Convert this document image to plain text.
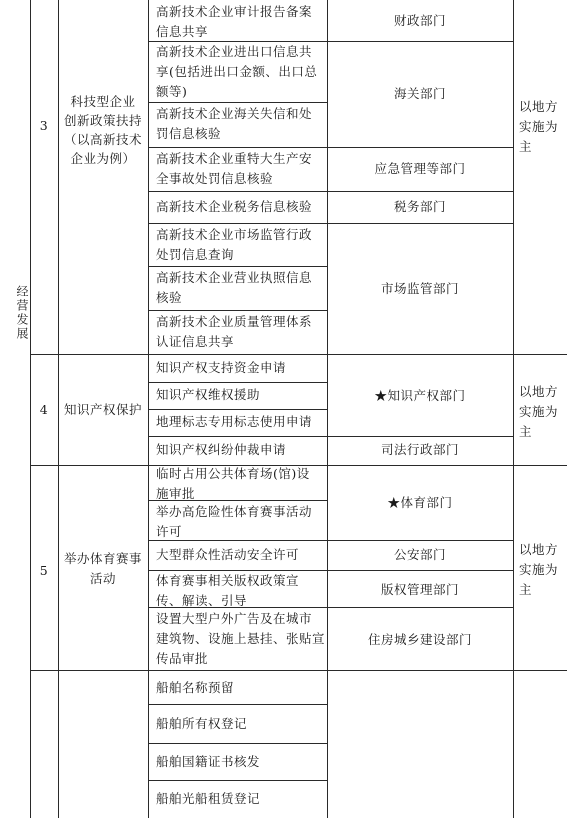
经营发展
3
科技型企业
创新政策扶持
（以高新技术
企业为例）
高新技术企业审计报告备案
信息共享
高新技术企业进出口信息共
享(包括进出口金额、出口总
额等)
高新技术企业海关失信和处
罚信息核验
高新技术企业重特大生产安
全事故处罚信息核验
高新技术企业税务信息核验
高新技术企业市场监管行政
处罚信息查询
高新技术企业营业执照信息
核验
高新技术企业质量管理体系
认证信息共享
财政部门
海关部门
应急管理等部门
税务部门
市场监管部门
以地方
实施为
主
4	知识产权保护
知识产权支持资金申请
知识产权维权援助
地理标志专用标志使用申请
知识产权纠纷仲裁申请
★知识产权部门
司法行政部门
以地方
实施为
主
5
举办体育赛事
活动
临时占用公共体育场(馆)设
施审批
举办高危险性体育赛事活动
许可
大型群众性活动安全许可
体育赛事相关版权政策宣
传、解读、引导
设置大型户外广告及在城市
建筑物、设施上悬挂、张贴宣
传品审批
★体育部门
公安部门
版权管理部门
住房城乡建设部门
以地方
实施为
主
船舶名称预留
船舶所有权登记
船舶国籍证书核发
船舶光船租赁登记
